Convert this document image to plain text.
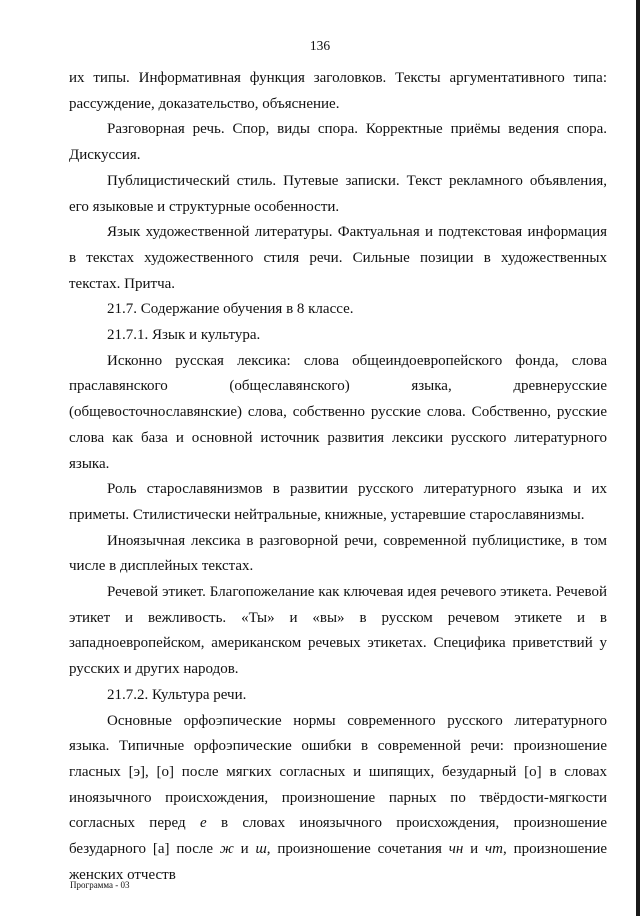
136

их типы. Информативная функция заголовков. Тексты аргументативного типа: рассуждение, доказательство, объяснение.

Разговорная речь. Спор, виды спора. Корректные приёмы ведения спора. Дискуссия.

Публицистический стиль. Путевые записки. Текст рекламного объявления, его языковые и структурные особенности.

Язык художественной литературы. Фактуальная и подтекстовая информация в текстах художественного стиля речи. Сильные позиции в художественных текстах. Притча.

21.7. Содержание обучения в 8 классе.

21.7.1. Язык и культура.

Исконно русская лексика: слова общеиндоевропейского фонда, слова праславянского (общеславянского) языка, древнерусские (общевосточнославянские) слова, собственно русские слова. Собственно, русские слова как база и основной источник развития лексики русского литературного языка.

Роль старославянизмов в развитии русского литературного языка и их приметы. Стилистически нейтральные, книжные, устаревшие старославянизмы.

Иноязычная лексика в разговорной речи, современной публицистике, в том числе в дисплейных текстах.

Речевой этикет. Благопожелание как ключевая идея речевого этикета. Речевой этикет и вежливость. «Ты» и «вы» в русском речевом этикете и в западноевропейском, американском речевых этикетах. Специфика приветствий у русских и других народов.

21.7.2. Культура речи.

Основные орфоэпические нормы современного русского литературного языка. Типичные орфоэпические ошибки в современной речи: произношение гласных [э], [о] после мягких согласных и шипящих, безударный [о] в словах иноязычного происхождения, произношение парных по твёрдости-мягкости согласных перед е в словах иноязычного происхождения, произношение безударного [а] после ж и ш, произношение сочетания чн и чт, произношение женских отчеств

Программа - 03
